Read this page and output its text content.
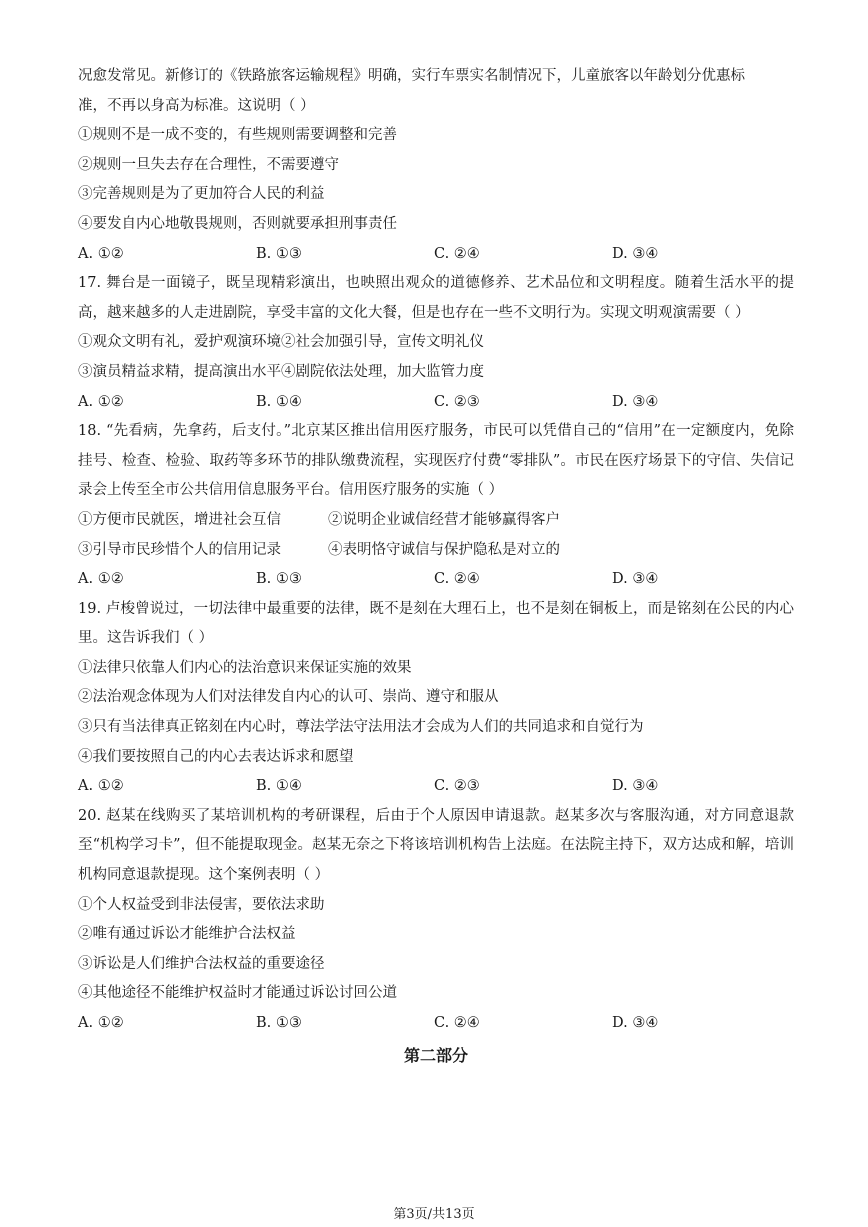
况愈发常见。新修订的《铁路旅客运输规程》明确，实行车票实名制情况下，儿童旅客以年龄划分优惠标
准，不再以身高为标准。这说明（ ）
①规则不是一成不变的，有些规则需要调整和完善
②规则一旦失去存在合理性，不需要遵守
③完善规则是为了更加符合人民的利益
④要发自内心地敬畏规则，否则就要承担刑事责任
A. ①②	B. ①③	C. ②④	D. ③④
17. 舞台是一面镜子，既呈现精彩演出，也映照出观众的道德修养、艺术品位和文明程度。随着生活水平的提高，越来越多的人走进剧院，享受丰富的文化大餐，但是也存在一些不文明行为。实现文明观演需要（ ）
①观众文明有礼，爱护观演环境②社会加强引导，宣传文明礼仪
③演员精益求精，提高演出水平④剧院依法处理，加大监管力度
A. ①②	B. ①④	C. ②③	D. ③④
18. “先看病，先拿药，后支付。”北京某区推出信用医疗服务，市民可以凭借自己的“信用”在一定额度内，免除挂号、检查、检验、取药等多环节的排队缴费流程，实现医疗付费“零排队”。市民在医疗场景下的守信、失信记录会上传至全市公共信用信息服务平台。信用医疗服务的实施（ ）
①方便市民就医，增进社会互信	②说明企业诚信经营才能够赢得客户
③引导市民珍惜个人的信用记录	④表明恪守诚信与保护隐私是对立的
A. ①②	B. ①③	C. ②④	D. ③④
19. 卢梭曾说过，一切法律中最重要的法律，既不是刻在大理石上，也不是刻在铜板上，而是铭刻在公民的内心里。这告诉我们（ ）
①法律只依靠人们内心的法治意识来保证实施的效果
②法治观念体现为人们对法律发自内心的认可、崇尚、遵守和服从
③只有当法律真正铭刻在内心时，尊法学法守法用法才会成为人们的共同追求和自觉行为
④我们要按照自己的内心去表达诉求和愿望
A. ①②	B. ①④	C. ②③	D. ③④
20. 赵某在线购买了某培训机构的考研课程，后由于个人原因申请退款。赵某多次与客服沟通，对方同意退款至“机构学习卡”，但不能提取现金。赵某无奈之下将该培训机构告上法庭。在法院主持下，双方达成和解，培训机构同意退款提现。这个案例表明（ ）
①个人权益受到非法侵害，要依法求助
②唯有通过诉讼才能维护合法权益
③诉讼是人们维护合法权益的重要途径
④其他途径不能维护权益时才能通过诉讼讨回公道
A. ①②	B. ①③	C. ②④	D. ③④
第二部分
第3页/共13页
